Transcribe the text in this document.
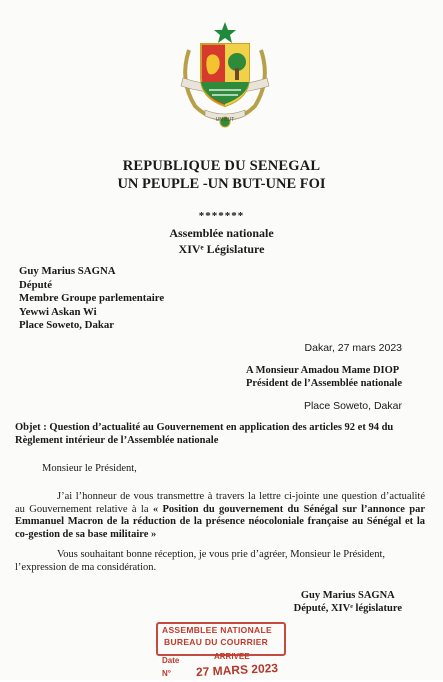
UN BUT
REPUBLIQUE DU SENEGAL
UN PEUPLE -UN BUT-UNE FOI
*******
Assemblée nationale
XIVᵉ Législature
Guy Marius SAGNA
Député
Membre Groupe parlementaire
Yewwi Askan Wi
Place Soweto, Dakar
Dakar, 27 mars 2023
A Monsieur Amadou Mame DIOP
Président de l’Assemblée nationale
Place Soweto, Dakar
Objet : Question d’actualité au Gouvernement en application des articles 92 et 94 du Règlement intérieur de l’Assemblée nationale
Monsieur le Président,
J’ai l’honneur de vous transmettre à travers la lettre ci-jointe une question d’actualité au Gouvernement relative à la « Position du gouvernement du Sénégal sur l’annonce par Emmanuel Macron de la réduction de la présence néocoloniale française au Sénégal et la co-gestion de sa base militaire »
Vous souhaitant bonne réception, je vous prie d’agréer, Monsieur le Président, l’expression de ma considération.
Guy Marius SAGNA
Député, XIVᵉ législature
ASSEMBLEE NATIONALE
BUREAU DU COURRIER
ARRIVEE
Date
27 MARS 2023
N°
